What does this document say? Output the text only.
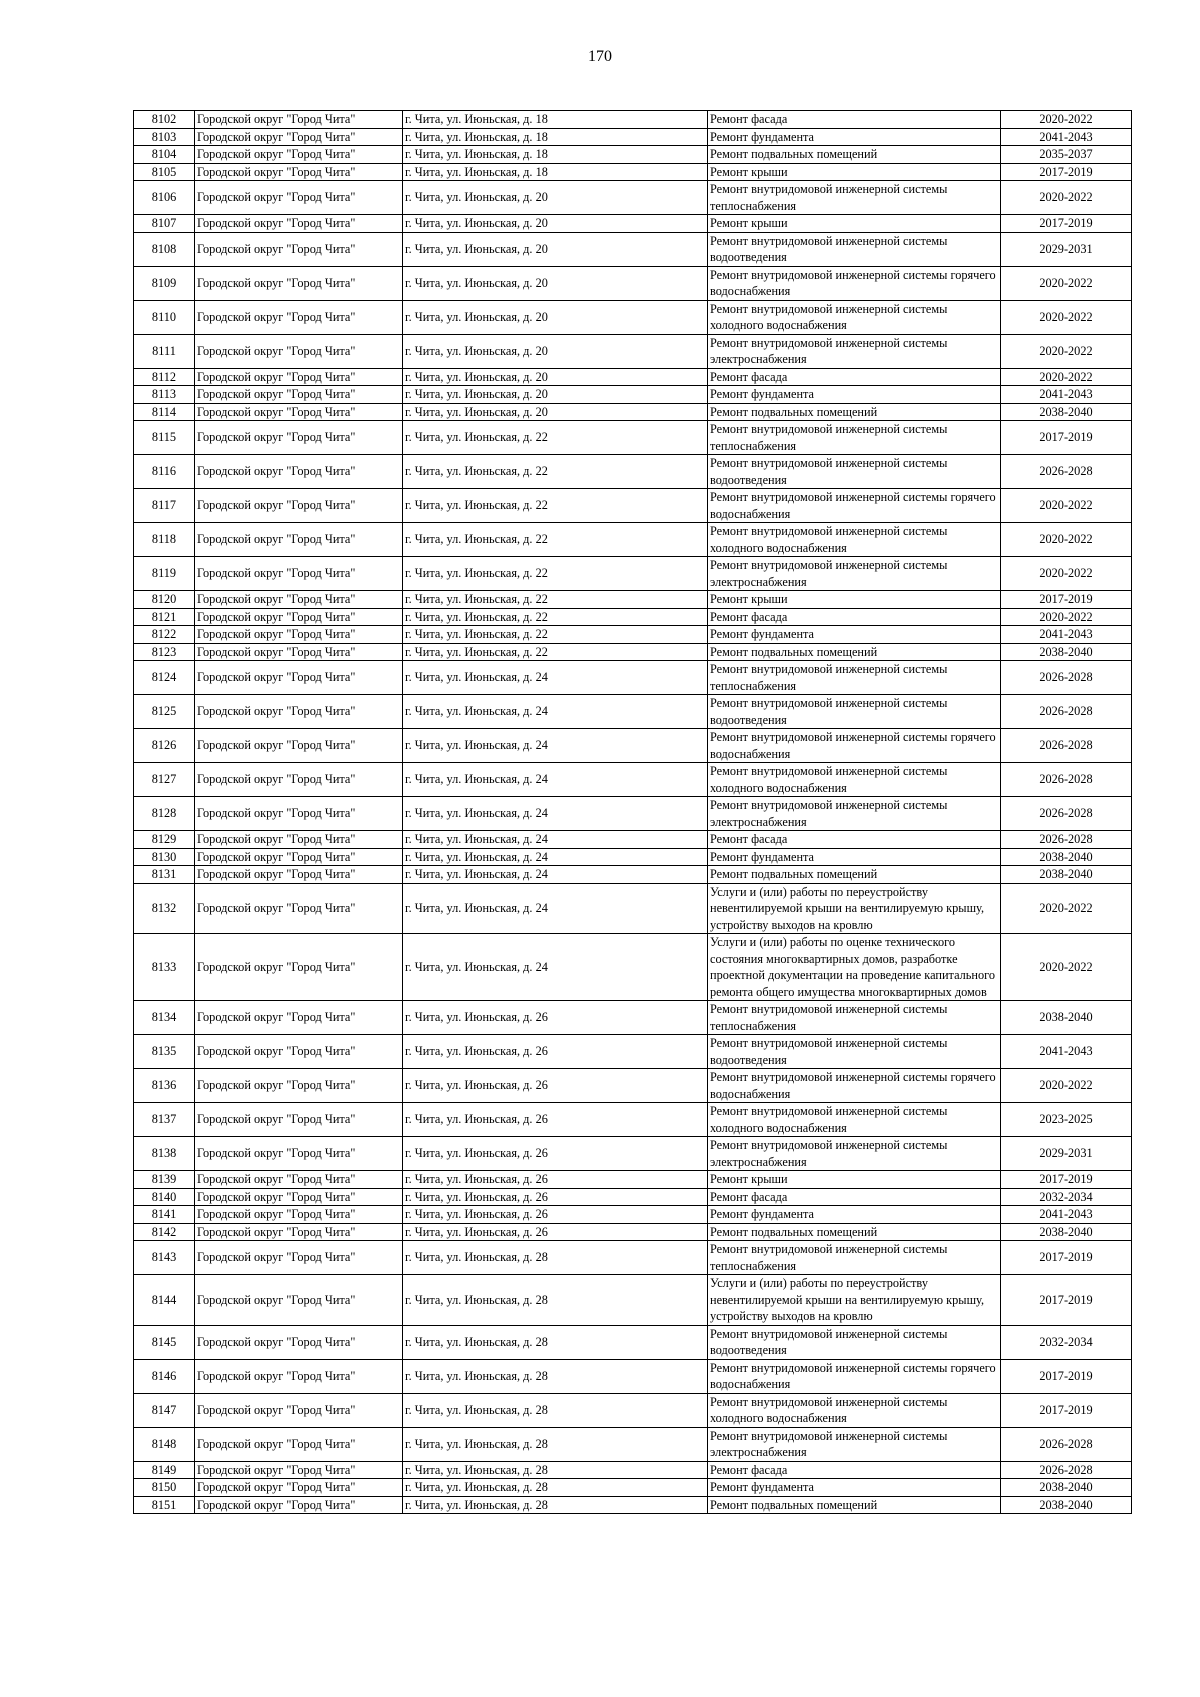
170
8102	Городской округ "Город Чита"	г. Чита, ул. Июньская, д. 18	Ремонт фасада	2020-2022
8103	Городской округ "Город Чита"	г. Чита, ул. Июньская, д. 18	Ремонт фундамента	2041-2043
8104	Городской округ "Город Чита"	г. Чита, ул. Июньская, д. 18	Ремонт подвальных помещений	2035-2037
8105	Городской округ "Город Чита"	г. Чита, ул. Июньская, д. 18	Ремонт крыши	2017-2019
8106	Городской округ "Город Чита"	г. Чита, ул. Июньская, д. 20	Ремонт внутридомовой инженерной системы теплоснабжения	2020-2022
8107	Городской округ "Город Чита"	г. Чита, ул. Июньская, д. 20	Ремонт крыши	2017-2019
8108	Городской округ "Город Чита"	г. Чита, ул. Июньская, д. 20	Ремонт внутридомовой инженерной системы водоотведения	2029-2031
8109	Городской округ "Город Чита"	г. Чита, ул. Июньская, д. 20	Ремонт внутридомовой инженерной системы горячего водоснабжения	2020-2022
8110	Городской округ "Город Чита"	г. Чита, ул. Июньская, д. 20	Ремонт внутридомовой инженерной системы холодного водоснабжения	2020-2022
8111	Городской округ "Город Чита"	г. Чита, ул. Июньская, д. 20	Ремонт внутридомовой инженерной системы электроснабжения	2020-2022
8112	Городской округ "Город Чита"	г. Чита, ул. Июньская, д. 20	Ремонт фасада	2020-2022
8113	Городской округ "Город Чита"	г. Чита, ул. Июньская, д. 20	Ремонт фундамента	2041-2043
8114	Городской округ "Город Чита"	г. Чита, ул. Июньская, д. 20	Ремонт подвальных помещений	2038-2040
8115	Городской округ "Город Чита"	г. Чита, ул. Июньская, д. 22	Ремонт внутридомовой инженерной системы теплоснабжения	2017-2019
8116	Городской округ "Город Чита"	г. Чита, ул. Июньская, д. 22	Ремонт внутридомовой инженерной системы водоотведения	2026-2028
8117	Городской округ "Город Чита"	г. Чита, ул. Июньская, д. 22	Ремонт внутридомовой инженерной системы горячего водоснабжения	2020-2022
8118	Городской округ "Город Чита"	г. Чита, ул. Июньская, д. 22	Ремонт внутридомовой инженерной системы холодного водоснабжения	2020-2022
8119	Городской округ "Город Чита"	г. Чита, ул. Июньская, д. 22	Ремонт внутридомовой инженерной системы электроснабжения	2020-2022
8120	Городской округ "Город Чита"	г. Чита, ул. Июньская, д. 22	Ремонт крыши	2017-2019
8121	Городской округ "Город Чита"	г. Чита, ул. Июньская, д. 22	Ремонт фасада	2020-2022
8122	Городской округ "Город Чита"	г. Чита, ул. Июньская, д. 22	Ремонт фундамента	2041-2043
8123	Городской округ "Город Чита"	г. Чита, ул. Июньская, д. 22	Ремонт подвальных помещений	2038-2040
8124	Городской округ "Город Чита"	г. Чита, ул. Июньская, д. 24	Ремонт внутридомовой инженерной системы теплоснабжения	2026-2028
8125	Городской округ "Город Чита"	г. Чита, ул. Июньская, д. 24	Ремонт внутридомовой инженерной системы водоотведения	2026-2028
8126	Городской округ "Город Чита"	г. Чита, ул. Июньская, д. 24	Ремонт внутридомовой инженерной системы горячего водоснабжения	2026-2028
8127	Городской округ "Город Чита"	г. Чита, ул. Июньская, д. 24	Ремонт внутридомовой инженерной системы холодного водоснабжения	2026-2028
8128	Городской округ "Город Чита"	г. Чита, ул. Июньская, д. 24	Ремонт внутридомовой инженерной системы электроснабжения	2026-2028
8129	Городской округ "Город Чита"	г. Чита, ул. Июньская, д. 24	Ремонт фасада	2026-2028
8130	Городской округ "Город Чита"	г. Чита, ул. Июньская, д. 24	Ремонт фундамента	2038-2040
8131	Городской округ "Город Чита"	г. Чита, ул. Июньская, д. 24	Ремонт подвальных помещений	2038-2040
8132	Городской округ "Город Чита"	г. Чита, ул. Июньская, д. 24	Услуги и (или) работы по переустройству невентилируемой крыши на вентилируемую крышу, устройству выходов на кровлю	2020-2022
8133	Городской округ "Город Чита"	г. Чита, ул. Июньская, д. 24	Услуги и (или) работы по оценке технического состояния многоквартирных домов, разработке проектной документации на проведение капитального ремонта общего имущества многоквартирных домов	2020-2022
8134	Городской округ "Город Чита"	г. Чита, ул. Июньская, д. 26	Ремонт внутридомовой инженерной системы теплоснабжения	2038-2040
8135	Городской округ "Город Чита"	г. Чита, ул. Июньская, д. 26	Ремонт внутридомовой инженерной системы водоотведения	2041-2043
8136	Городской округ "Город Чита"	г. Чита, ул. Июньская, д. 26	Ремонт внутридомовой инженерной системы горячего водоснабжения	2020-2022
8137	Городской округ "Город Чита"	г. Чита, ул. Июньская, д. 26	Ремонт внутридомовой инженерной системы холодного водоснабжения	2023-2025
8138	Городской округ "Город Чита"	г. Чита, ул. Июньская, д. 26	Ремонт внутридомовой инженерной системы электроснабжения	2029-2031
8139	Городской округ "Город Чита"	г. Чита, ул. Июньская, д. 26	Ремонт крыши	2017-2019
8140	Городской округ "Город Чита"	г. Чита, ул. Июньская, д. 26	Ремонт фасада	2032-2034
8141	Городской округ "Город Чита"	г. Чита, ул. Июньская, д. 26	Ремонт фундамента	2041-2043
8142	Городской округ "Город Чита"	г. Чита, ул. Июньская, д. 26	Ремонт подвальных помещений	2038-2040
8143	Городской округ "Город Чита"	г. Чита, ул. Июньская, д. 28	Ремонт внутридомовой инженерной системы теплоснабжения	2017-2019
8144	Городской округ "Город Чита"	г. Чита, ул. Июньская, д. 28	Услуги и (или) работы по переустройству невентилируемой крыши на вентилируемую крышу, устройству выходов на кровлю	2017-2019
8145	Городской округ "Город Чита"	г. Чита, ул. Июньская, д. 28	Ремонт внутридомовой инженерной системы водоотведения	2032-2034
8146	Городской округ "Город Чита"	г. Чита, ул. Июньская, д. 28	Ремонт внутридомовой инженерной системы горячего водоснабжения	2017-2019
8147	Городской округ "Город Чита"	г. Чита, ул. Июньская, д. 28	Ремонт внутридомовой инженерной системы холодного водоснабжения	2017-2019
8148	Городской округ "Город Чита"	г. Чита, ул. Июньская, д. 28	Ремонт внутридомовой инженерной системы электроснабжения	2026-2028
8149	Городской округ "Город Чита"	г. Чита, ул. Июньская, д. 28	Ремонт фасада	2026-2028
8150	Городской округ "Город Чита"	г. Чита, ул. Июньская, д. 28	Ремонт фундамента	2038-2040
8151	Городской округ "Город Чита"	г. Чита, ул. Июньская, д. 28	Ремонт подвальных помещений	2038-2040
